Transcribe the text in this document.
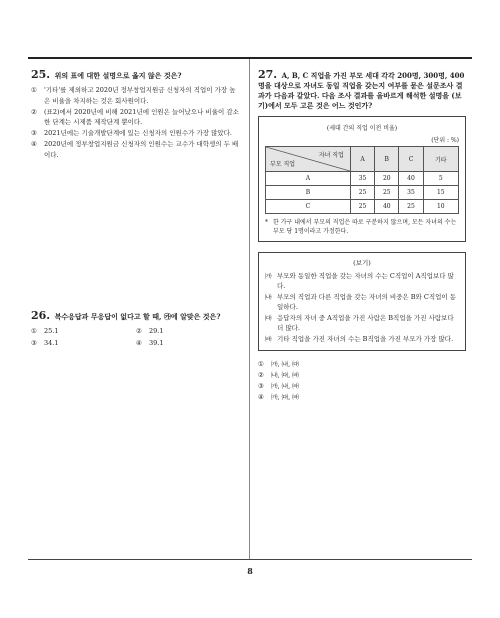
25. 위의 표에 대한 설명으로 옳지 않은 것은?
①	'기타'를 제외하고 2020년 정부창업지원금 신청자의 직업이 가장 높은 비율을 차지하는 것은 회사원이다.
②	(표2)에서 2020년에 비해 2021년에 인원은 늘어났으나 비율이 감소한 단계는 시제품 제작단계 뿐이다.
③	2021년에는 기술개발단계에 있는 신청자의 인원수가 가장 많았다.
④	2020년에 정부창업지원금 신청자의 인원수는 교수가 대학생의 두 배이다.
26. 복수응답과 무응답이 없다고 할 때, ㉮에 알맞은 것은?
①	25.1	②	29.1
③	34.1	④	39.1
27. A, B, C 직업을 가진 부모 세대 각각 200명, 300명, 400명을 대상으로 자녀도 동일 직업을 갖는지 여부를 묻은 설문조사 결과가 다음과 같았다. 다음 조사 결과를 올바르게 해석한 설명을 (보기)에서 모두 고른 것은 어느 것인가?
(세대 간의 직업 이전 비율)
(단위 : %)
자녀 직업
부모 직업	A	B	C	기타
A	35	20	40	5
B	25	25	35	15
C	25	40	25	10
* 한 가구 내에서 부모의 직업은 따로 구분하지 않으며, 모든 자녀의 수는 부모 당 1명이라고 가정한다.
(보기)
㈎ 부모와 동일한 직업을 갖는 자녀의 수는 C직업이 A직업보다 많다.
㈏ 부모의 직업과 다른 직업을 갖는 자녀의 비중은 B와 C직업이 동일하다.
㈐ 응답자의 자녀 중 A직업을 가진 사람은 B직업을 가진 사람보다 더 많다.
㈑ 기타 직업을 가진 자녀의 수는 B직업을 가진 부모가 가장 많다.
①	㈎, ㈏, ㈐
②	㈏, ㈐, ㈑
③	㈎, ㈏, ㈑
④	㈎, ㈐, ㈑
8
